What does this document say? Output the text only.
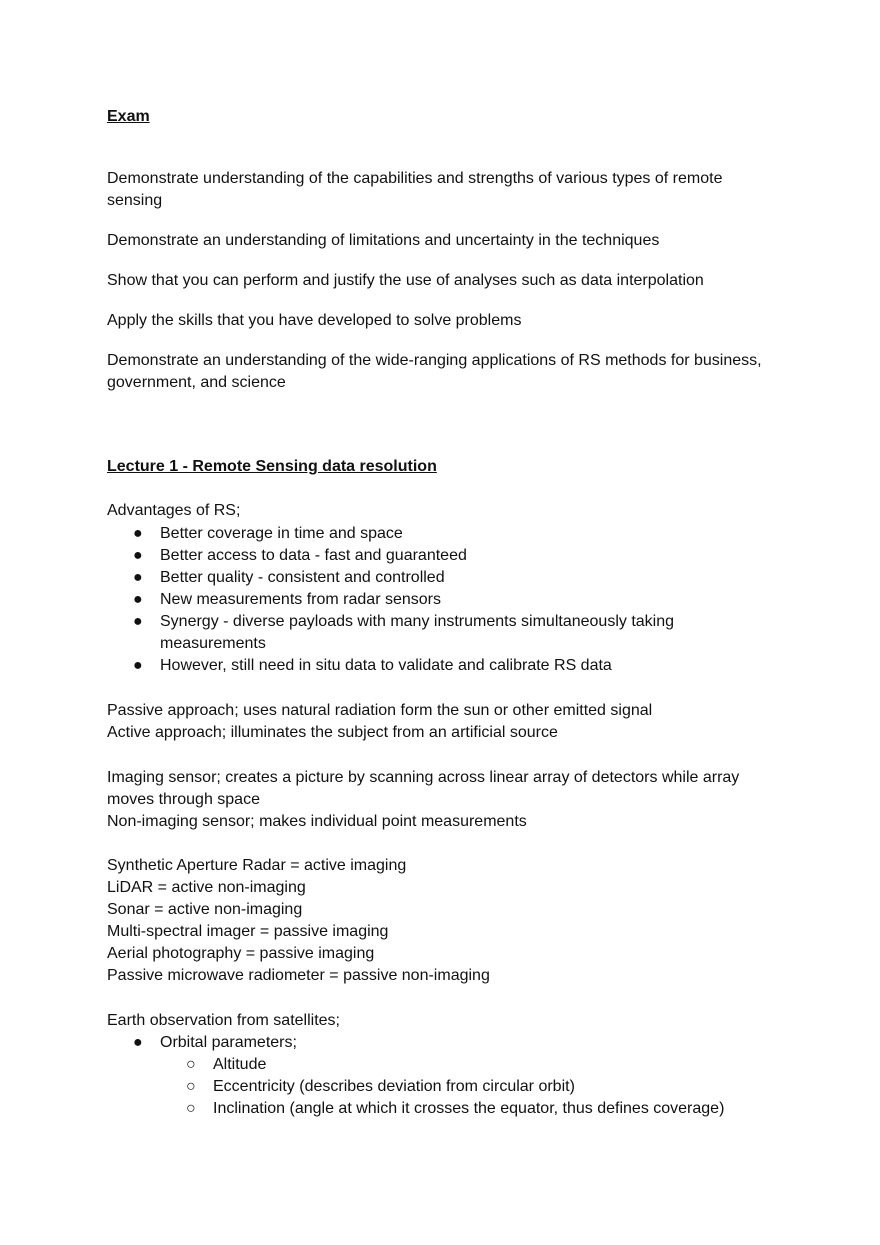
Exam
Demonstrate understanding of the capabilities and strengths of various types of remote
sensing
Demonstrate an understanding of limitations and uncertainty in the techniques
Show that you can perform and justify the use of analyses such as data interpolation
Apply the skills that you have developed to solve problems
Demonstrate an understanding of the wide-ranging applications of RS methods for business,
government, and science
Lecture 1 - Remote Sensing data resolution
Advantages of RS;
● Better coverage in time and space
● Better access to data - fast and guaranteed
● Better quality - consistent and controlled
● New measurements from radar sensors
● Synergy - diverse payloads with many instruments simultaneously taking
measurements
● However, still need in situ data to validate and calibrate RS data
Passive approach; uses natural radiation form the sun or other emitted signal
Active approach; illuminates the subject from an artificial source
Imaging sensor; creates a picture by scanning across linear array of detectors while array
moves through space
Non-imaging sensor; makes individual point measurements
Synthetic Aperture Radar = active imaging
LiDAR = active non-imaging
Sonar = active non-imaging
Multi-spectral imager = passive imaging
Aerial photography = passive imaging
Passive microwave radiometer = passive non-imaging
Earth observation from satellites;
● Orbital parameters;
○ Altitude
○ Eccentricity (describes deviation from circular orbit)
○ Inclination (angle at which it crosses the equator, thus defines coverage)
